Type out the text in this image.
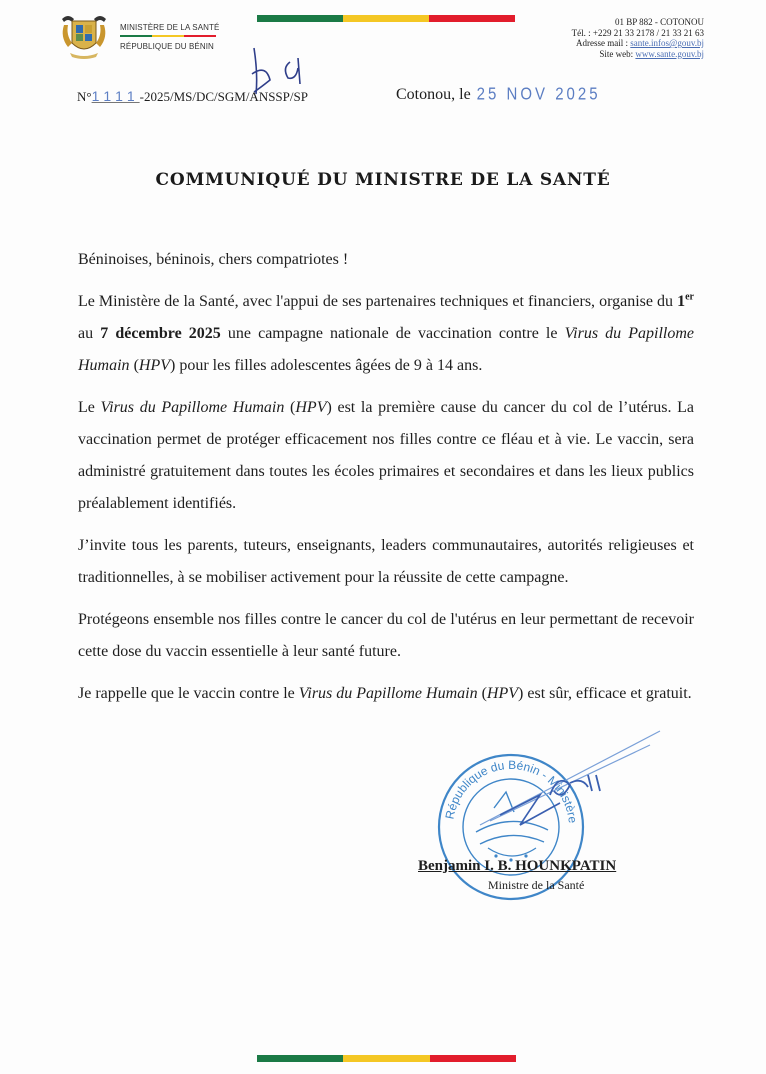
MINISTÈRE DE LA SANTÉ
RÉPUBLIQUE DU BÉNIN
01 BP 882 - COTONOU
Tél. : +229 21 33 2178 / 21 33 21 63
Adresse mail : sante.infos@gouv.bj
Site web: www.sante.gouv.bj
N°1111-2025/MS/DC/SGM/ANSSP/SP	Cotonou, le 25 NOV 2025
COMMUNIQUÉ DU MINISTRE DE LA SANTÉ

Béninoises, béninois, chers compatriotes !

Le Ministère de la Santé, avec l'appui de ses partenaires techniques et financiers, organise du 1er au 7 décembre 2025 une campagne nationale de vaccination contre le Virus du Papillome Humain (HPV) pour les filles adolescentes âgées de 9 à 14 ans.

Le Virus du Papillome Humain (HPV) est la première cause du cancer du col de l’utérus. La vaccination permet de protéger efficacement nos filles contre ce fléau et à vie. Le vaccin, sera administré gratuitement dans toutes les écoles primaires et secondaires et dans les lieux publics préalablement identifiés.

J’invite tous les parents, tuteurs, enseignants, leaders communautaires, autorités religieuses et traditionnelles, à se mobiliser activement pour la réussite de cette campagne.

Protégeons ensemble nos filles contre le cancer du col de l'utérus en leur permettant de recevoir cette dose du vaccin essentielle à leur santé future.

Je rappelle que le vaccin contre le Virus du Papillome Humain (HPV) est sûr, efficace et gratuit.

République du Bénin - Ministère
Benjamin I. B. HOUNKPATIN
Ministre de la Santé
